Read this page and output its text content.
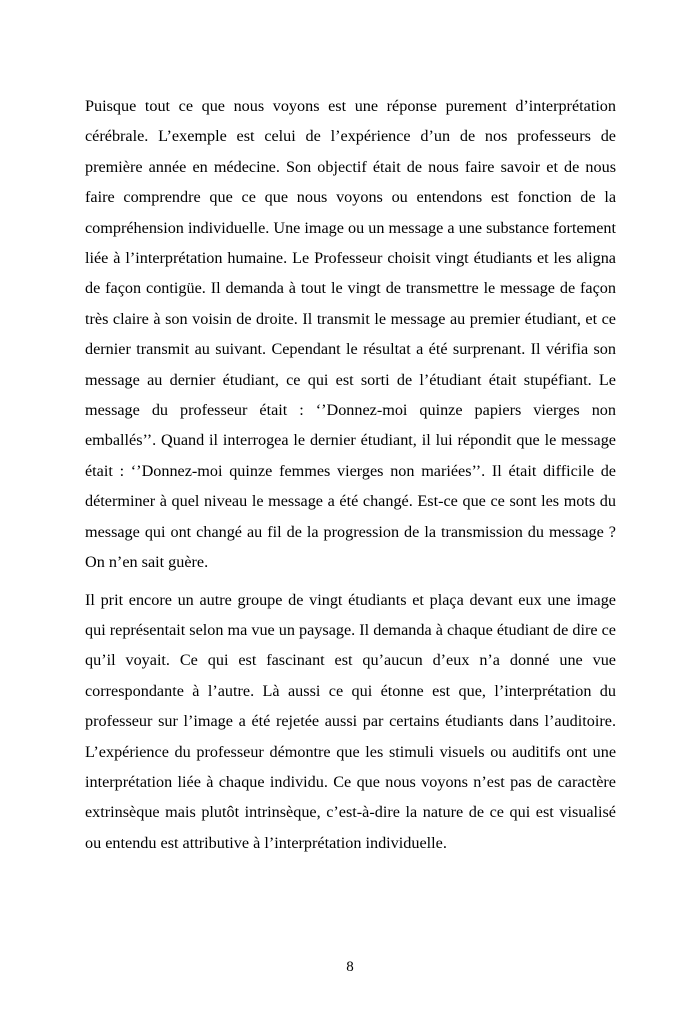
Puisque tout ce que nous voyons est une réponse purement d’interprétation cérébrale. L’exemple est celui de l’expérience d’un de nos professeurs de première année en médecine. Son objectif était de nous faire savoir et de nous faire comprendre que ce que nous voyons ou entendons est fonction de la compréhension individuelle. Une image ou un message a une substance fortement liée à l’interprétation humaine. Le Professeur choisit vingt étudiants et les aligna de façon contigüe. Il demanda à tout le vingt de transmettre le message de façon très claire à son voisin de droite. Il transmit le message au premier étudiant, et ce dernier transmit au suivant. Cependant le résultat a été surprenant. Il vérifia son message au dernier étudiant, ce qui est sorti de l’étudiant était stupéfiant. Le message du professeur était : ‘’Donnez-moi quinze papiers vierges non emballés’’. Quand il interrogea le dernier étudiant, il lui répondit que le message était : ‘’Donnez-moi quinze femmes vierges non mariées’’. Il était difficile de déterminer à quel niveau le message a été changé. Est-ce que ce sont les mots du message qui ont changé au fil de la progression de la transmission du message ? On n’en sait guère.

Il prit encore un autre groupe de vingt étudiants et plaça devant eux une image qui représentait selon ma vue un paysage. Il demanda à chaque étudiant de dire ce qu’il voyait. Ce qui est fascinant est qu’aucun d’eux n’a donné une vue correspondante à l’autre. Là aussi ce qui étonne est que, l’interprétation du professeur sur l’image a été rejetée aussi par certains étudiants dans l’auditoire. L’expérience du professeur démontre que les stimuli visuels ou auditifs ont une interprétation liée à chaque individu. Ce que nous voyons n’est pas de caractère extrinsèque mais plutôt intrinsèque, c’est-à-dire la nature de ce qui est visualisé ou entendu est attributive à l’interprétation individuelle.

8
